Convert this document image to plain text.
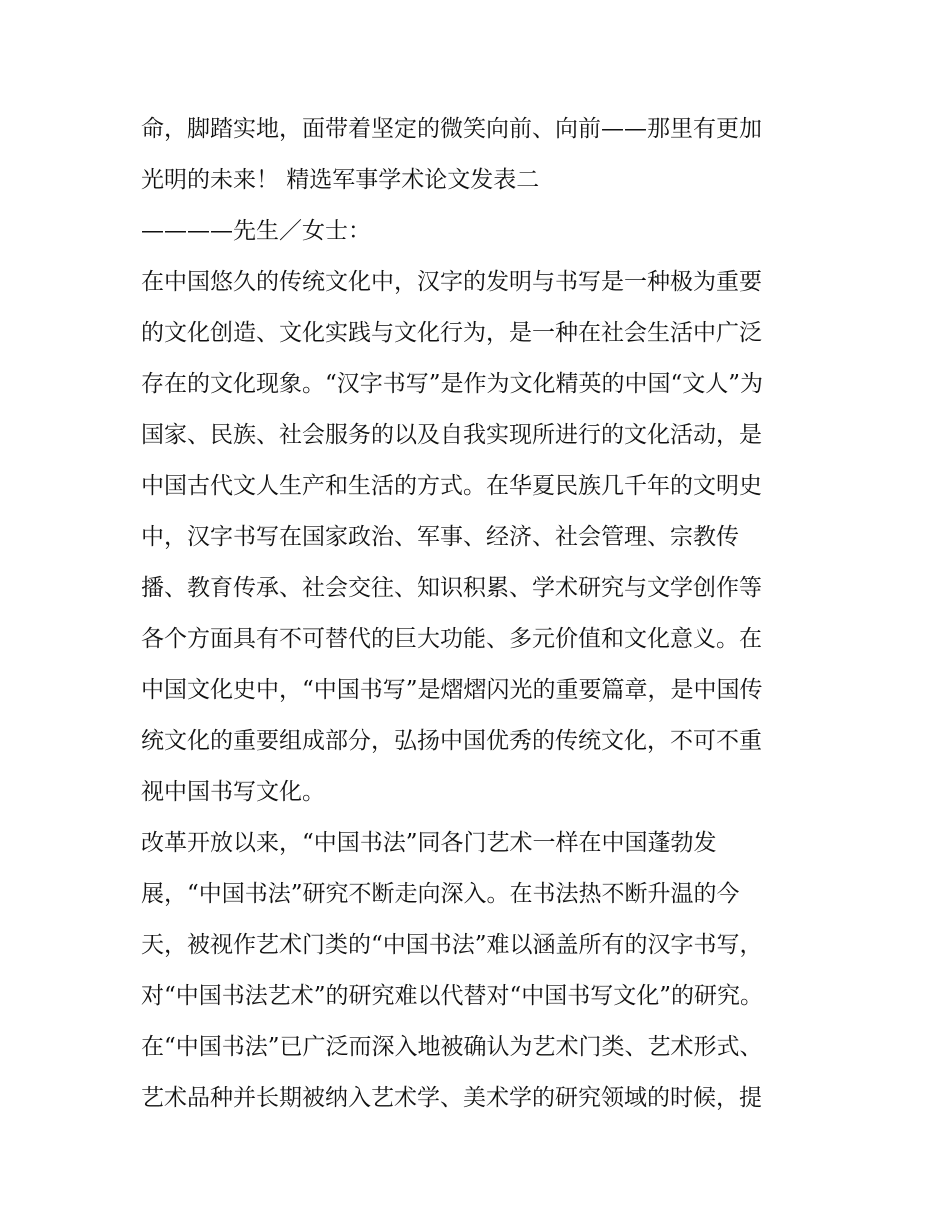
命，脚踏实地，面带着坚定的微笑向前、向前——那里有更加
光明的未来！ 精选军事学术论文发表二
————先生／女士：
在中国悠久的传统文化中，汉字的发明与书写是一种极为重要
的文化创造、文化实践与文化行为，是一种在社会生活中广泛
存在的文化现象。“汉字书写”是作为文化精英的中国“文人”为
国家、民族、社会服务的以及自我实现所进行的文化活动，是
中国古代文人生产和生活的方式。在华夏民族几千年的文明史
中，汉字书写在国家政治、军事、经济、社会管理、宗教传
播、教育传承、社会交往、知识积累、学术研究与文学创作等
各个方面具有不可替代的巨大功能、多元价值和文化意义。在
中国文化史中，“中国书写”是熠熠闪光的重要篇章，是中国传
统文化的重要组成部分，弘扬中国优秀的传统文化，不可不重
视中国书写文化。
改革开放以来，“中国书法”同各门艺术一样在中国蓬勃发
展，“中国书法”研究不断走向深入。在书法热不断升温的今
天，被视作艺术门类的“中国书法”难以涵盖所有的汉字书写，
对“中国书法艺术”的研究难以代替对“中国书写文化”的研究。
在“中国书法”已广泛而深入地被确认为艺术门类、艺术形式、
艺术品种并长期被纳入艺术学、美术学的研究领域的时候，提
